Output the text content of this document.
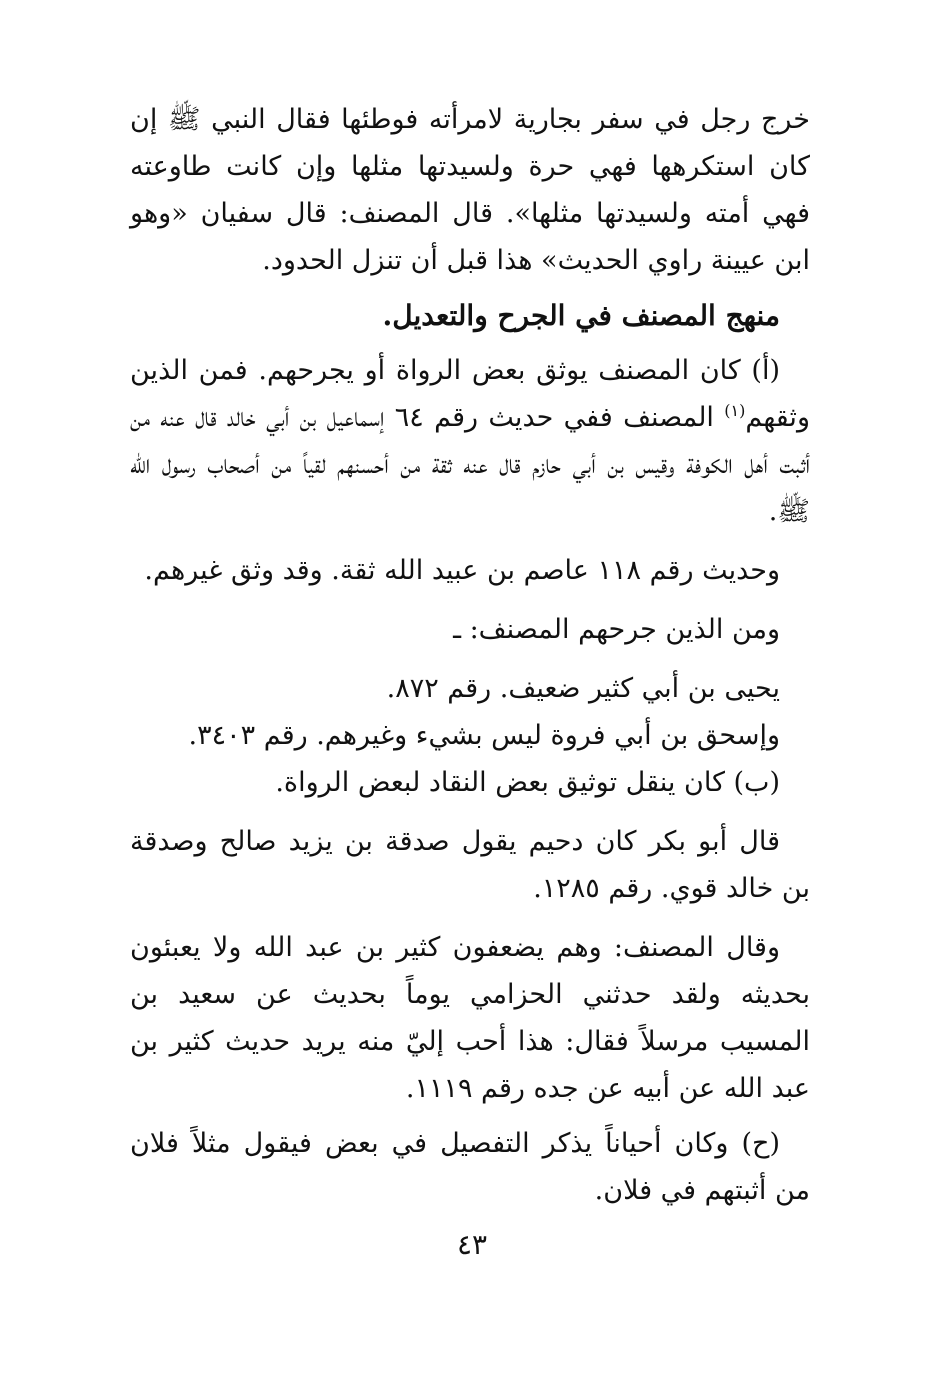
خرج رجل في سفر بجارية لامرأته فوطئها فقال النبي ﷺ إن كان استكرهها فهي حرة ولسيدتها مثلها وإن كانت طاوعته فهي أمته ولسيدتها مثلها». قال المصنف: قال سفيان «وهو ابن عيينة راوي الحديث» هذا قبل أن تنزل الحدود.

منهج المصنف في الجرح والتعديل.

(أ) كان المصنف يوثق بعض الرواة أو يجرحهم. فمن الذين وثقهم$^{(١)}$ المصنف ففي حديث رقم ٦٤ إسماعيل بن أبي خالد قال عنه من أثبت أهل الكوفة وقيس بن أبي حازم قال عنه ثقة من أحسنهم لقياً من أصحاب رسول الله ﷺ.

وحديث رقم ١١٨ عاصم بن عبيد الله ثقة. وقد وثق غيرهم.

ومن الذين جرحهم المصنف: ـ

يحيى بن أبي كثير ضعيف. رقم ٨٧٢.

وإسحق بن أبي فروة ليس بشيء وغيرهم. رقم ٣٤٠٣.

(ب) كان ينقل توثيق بعض النقاد لبعض الرواة.

قال أبو بكر كان دحيم يقول صدقة بن يزيد صالح وصدقة بن خالد قوي. رقم ١٢٨٥.

وقال المصنف: وهم يضعفون كثير بن عبد الله ولا يعبئون بحديثه ولقد حدثني الحزامي يوماً بحديث عن سعيد بن المسيب مرسلاً فقال: هذا أحب إليّ منه يريد حديث كثير بن عبد الله عن أبيه عن جده رقم ١١١٩.

(ح) وكان أحياناً يذكر التفصيل في بعض فيقول مثلاً فلان من أثبتهم في فلان.

٤٣
